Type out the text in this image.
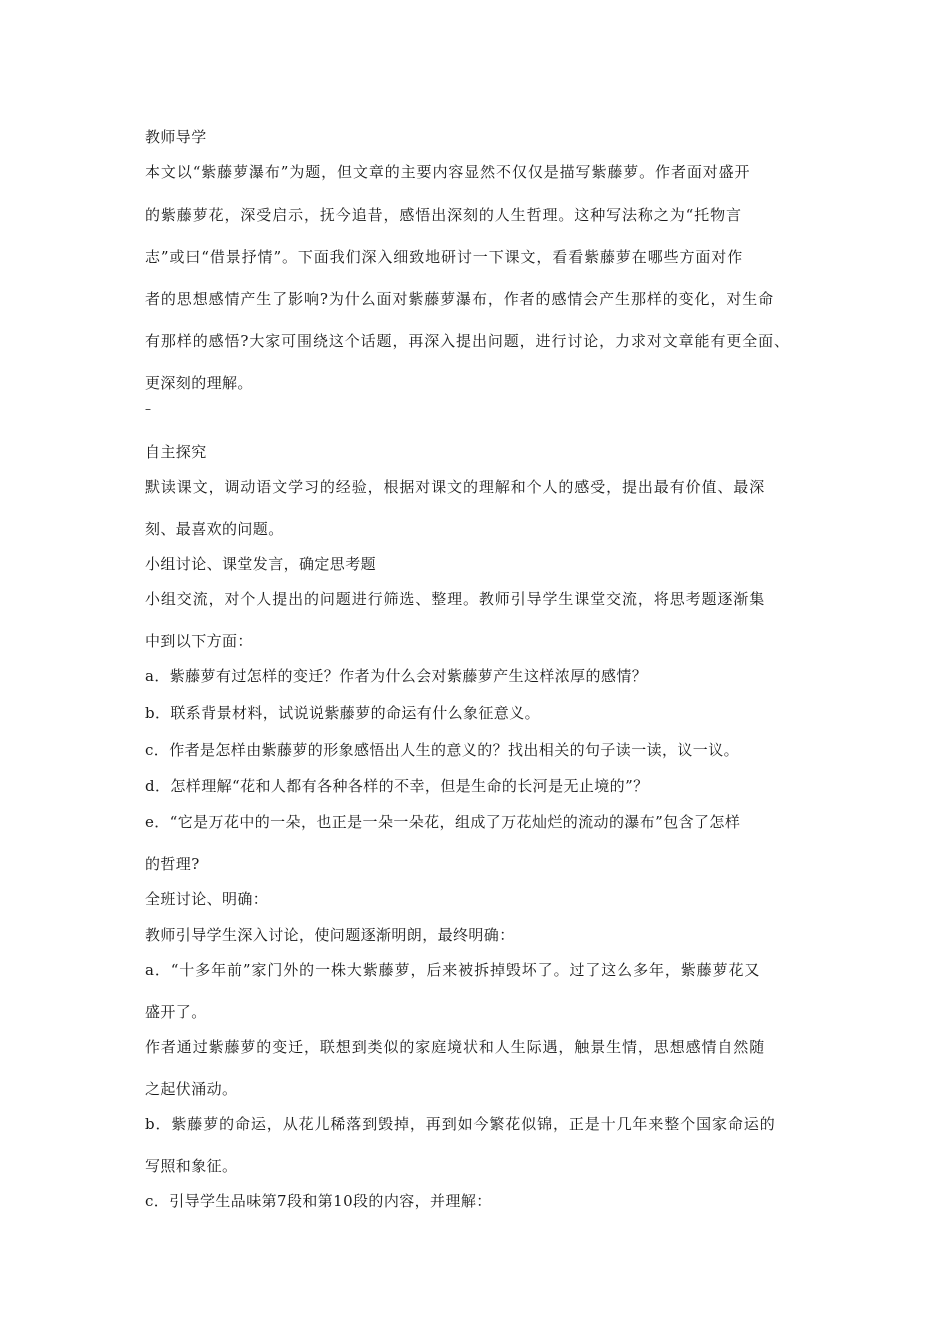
教师导学
本文以“紫藤萝瀑布”为题，但文章的主要内容显然不仅仅是描写紫藤萝。作者面对盛开
的紫藤萝花，深受启示，抚今追昔，感悟出深刻的人生哲理。这种写法称之为“托物言
志”或曰“借景抒情”。下面我们深入细致地研讨一下课文，看看紫藤萝在哪些方面对作
者的思想感情产生了影响?为什么面对紫藤萝瀑布，作者的感情会产生那样的变化，对生命
有那样的感悟?大家可围绕这个话题，再深入提出问题，进行讨论，力求对文章能有更全面、
更深刻的理解。
–
自主探究
默读课文，调动语文学习的经验，根据对课文的理解和个人的感受，提出最有价值、最深
刻、最喜欢的问题。
小组讨论、课堂发言，确定思考题
小组交流，对个人提出的问题进行筛选、整理。教师引导学生课堂交流，将思考题逐渐集
中到以下方面：
a．紫藤萝有过怎样的变迁？作者为什么会对紫藤萝产生这样浓厚的感情？
b．联系背景材料，试说说紫藤萝的命运有什么象征意义。
c．作者是怎样由紫藤萝的形象感悟出人生的意义的？找出相关的句子读一读，议一议。
d．怎样理解“花和人都有各种各样的不幸，但是生命的长河是无止境的”？
e．“它是万花中的一朵，也正是一朵一朵花，组成了万花灿烂的流动的瀑布”包含了怎样
的哲理?
全班讨论、明确：
教师引导学生深入讨论，使问题逐渐明朗，最终明确：
a．“十多年前”家门外的一株大紫藤萝，后来被拆掉毁坏了。过了这么多年，紫藤萝花又
盛开了。
作者通过紫藤萝的变迁，联想到类似的家庭境状和人生际遇，触景生情，思想感情自然随
之起伏涌动。
b．紫藤萝的命运，从花儿稀落到毁掉，再到如今繁花似锦，正是十几年来整个国家命运的
写照和象征。
c．引导学生品味第7段和第10段的内容，并理解：
